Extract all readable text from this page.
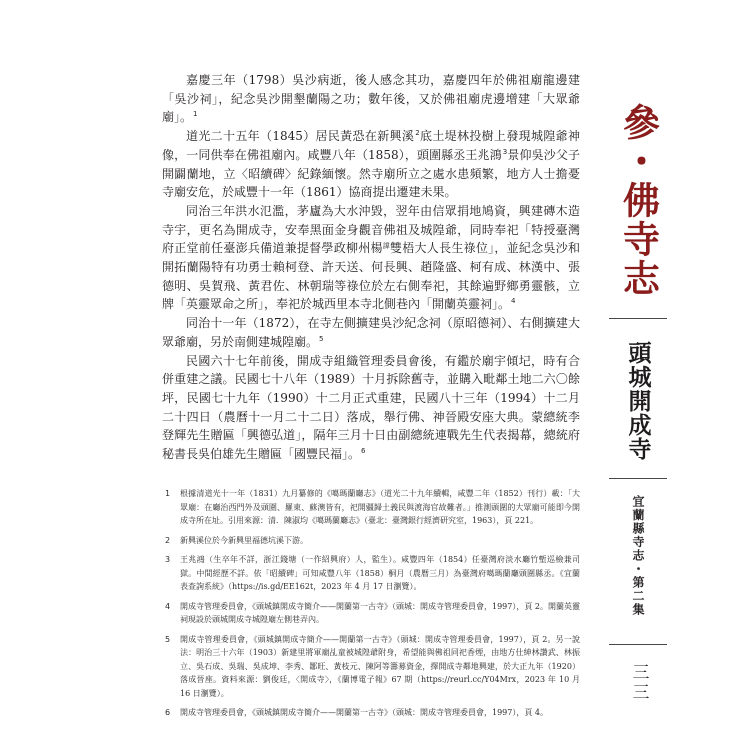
嘉慶三年（1798）吳沙病逝，後人感念其功，嘉慶四年於佛祖廟龍邊建「吳沙祠」，紀念吳沙開墾蘭陽之功；數年後，又於佛祖廟虎邊增建「大眾爺廟」。$^1$

道光二十五年（1845）居民黃恐在新興溪$^2$底土堤林投樹上發現城隍爺神像，一同供奉在佛祖廟內。咸豐八年（1858），頭圍縣丞王兆鴻$^3$景仰吳沙父子開闢蘭地，立〈昭續碑〉紀錄緬懷。然寺廟所立之處水患頻繁，地方人士擔憂寺廟安危，於咸豐十一年（1861）協商提出遷建未果。

同治三年洪水氾濫，茅廬為大水沖毀，翌年由信眾捐地鳩資，興建磚木造寺宇，更名為開成寺，安奉黑面金身觀音佛祖及城隍爺，同時奉祀「特授臺灣府正堂前任臺澎兵備道兼提督學政柳州楊$^諱$雙梧大人長生祿位」，並紀念吳沙和開拓蘭陽特有功勇士賴柯登、許天送、何長興、趙隆盛、柯有成、林漢中、張德明、吳賀飛、黃君佐、林朝瑞等祿位於左右側奉祀，其餘遍野鄉勇靈骸，立牌「英靈眾命之所」，奉祀於城西里本寺北側巷內「開蘭英靈祠」。$^4$

同治十一年（1872），在寺左側擴建吳沙紀念祠（原昭德祠）、右側擴建大眾爺廟，另於南側建城隍廟。$^5$

民國六十七年前後，開成寺組織管理委員會後，有鑑於廟宇傾圮，時有合併重建之議。民國七十八年（1989）十月拆除舊寺，並購入毗鄰土地二六〇餘坪，民國七十九年（1990）十二月正式重建，民國八十三年（1994）十二月二十四日（農曆十一月二十二日）落成，舉行佛、神晉殿安座大典。蒙總統李登輝先生贈匾「興德弘道」，隔年三月十日由副總統連戰先生代表揭幕，總統府秘書長吳伯雄先生贈匾「國豐民福」。$^6$

1	根據清道光十一年（1831）九月纂修的《噶瑪蘭廳志》（道光二十九年續輯，咸豐二年（1852）刊行）載：「大眾廟：在廳治西門外及頭圍、羅東、蘇澳皆有，祀開疆歸土義民與渡海官故難者。」推測頭圍的大眾廟可能即今開成寺所在址。引用來源：清．陳淑均《噶瑪蘭廳志》（臺北：臺灣銀行經濟研究室，1963），頁 221。
2	新興溪位於今新興里福德坑溪下游。
3	王兆鴻（生卒年不詳，浙江錢塘（一作紹興府）人，監生）。咸豐四年（1854）任臺灣府淡水廳竹塹巡檢兼司獄。中間經歷不詳。依「昭續碑」可知咸豐八年（1858）桐月（農曆三月）為臺灣府噶瑪蘭廳頭圍縣丞。《宜蘭表查詢系統》（https://is.gd/EE162t，2023 年 4 月 17 日瀏覽）。
4	開成寺管理委員會，《頭城鎮開成寺簡介——開蘭第一古寺》（頭城：開成寺管理委員會，1997），頁 2。開蘭英靈祠現設於頭城開成寺城隍廟左側巷弄內。
5	開成寺管理委員會，《頭城鎮開成寺簡介——開蘭第一古寺》（頭城：開成寺管理委員會，1997），頁 2。另一說法：明治三十六年（1903）新建里將軍廟乩童被城隍爺附身，希望能與佛祖同祀香煙，由地方仕紳林讚武、林振立、吳石成、吳瑞、吳成坤、李秀、鄒旺、黃枝元、陳阿等籌募資金，擇開成寺鄰地興建，於大正九年（1920）落成晉座。資料來源：劉俊廷，〈開成寺〉，《蘭博電子報》67 期（https://reurl.cc/Y04Mrx，2023 年 10 月 16 日瀏覽）。
6	開成寺管理委員會，《頭城鎮開成寺簡介——開蘭第一古寺》（頭城：開成寺管理委員會，1997），頁 4。
參・佛寺志
頭城開成寺
宜蘭縣寺志・第二集
三三
